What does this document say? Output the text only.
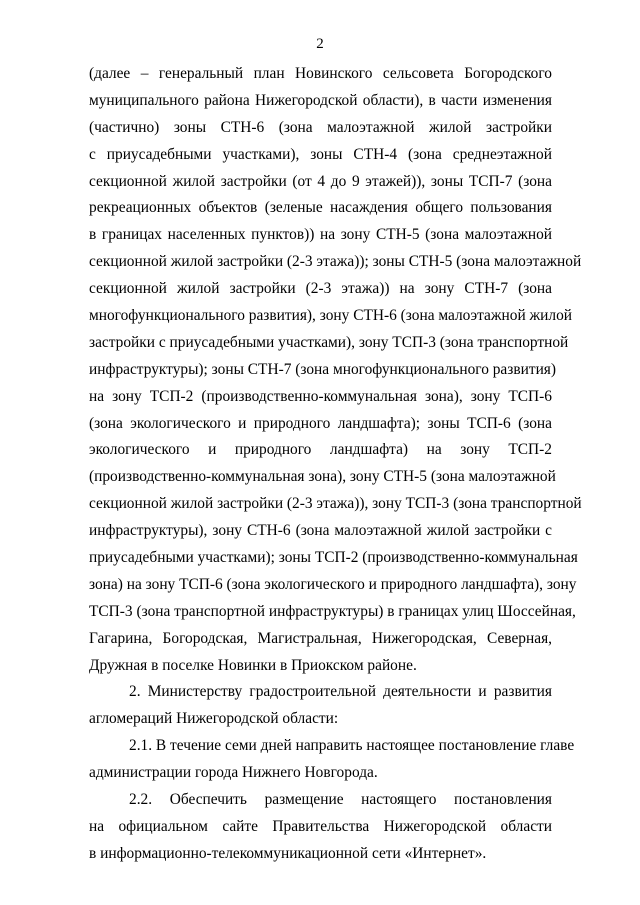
2
(далее – генеральный план Новинского сельсовета Богородского
муниципального района Нижегородской области), в части изменения
(частично) зоны СТН-6 (зона малоэтажной жилой застройки
с приусадебными участками), зоны СТН-4 (зона среднеэтажной
секционной жилой застройки (от 4 до 9 этажей)), зоны ТСП-7 (зона
рекреационных объектов (зеленые насаждения общего пользования
в границах населенных пунктов)) на зону СТН-5 (зона малоэтажной
секционной жилой застройки (2-3 этажа)); зоны СТН-5 (зона малоэтажной
секционной жилой застройки (2-3 этажа)) на зону СТН-7 (зона
многофункционального развития), зону СТН-6 (зона малоэтажной жилой
застройки с приусадебными участками), зону ТСП-3 (зона транспортной
инфраструктуры); зоны СТН-7 (зона многофункционального развития)
на зону ТСП-2 (производственно-коммунальная зона), зону ТСП-6
(зона экологического и природного ландшафта); зоны ТСП-6 (зона
экологического и природного ландшафта) на зону ТСП-2
(производственно-коммунальная зона), зону СТН-5 (зона малоэтажной
секционной жилой застройки (2-3 этажа)), зону ТСП-3 (зона транспортной
инфраструктуры), зону СТН-6 (зона малоэтажной жилой застройки с
приусадебными участками); зоны ТСП-2 (производственно-коммунальная
зона) на зону ТСП-6 (зона экологического и природного ландшафта), зону
ТСП-3 (зона транспортной инфраструктуры) в границах улиц Шоссейная,
Гагарина, Богородская, Магистральная, Нижегородская, Северная,
Дружная в поселке Новинки в Приокском районе.
2. Министерству градостроительной деятельности и развития
агломераций Нижегородской области:
2.1. В течение семи дней направить настоящее постановление главе
администрации города Нижнего Новгорода.
2.2. Обеспечить размещение настоящего постановления
на официальном сайте Правительства Нижегородской области
в информационно-телекоммуникационной сети «Интернет».
